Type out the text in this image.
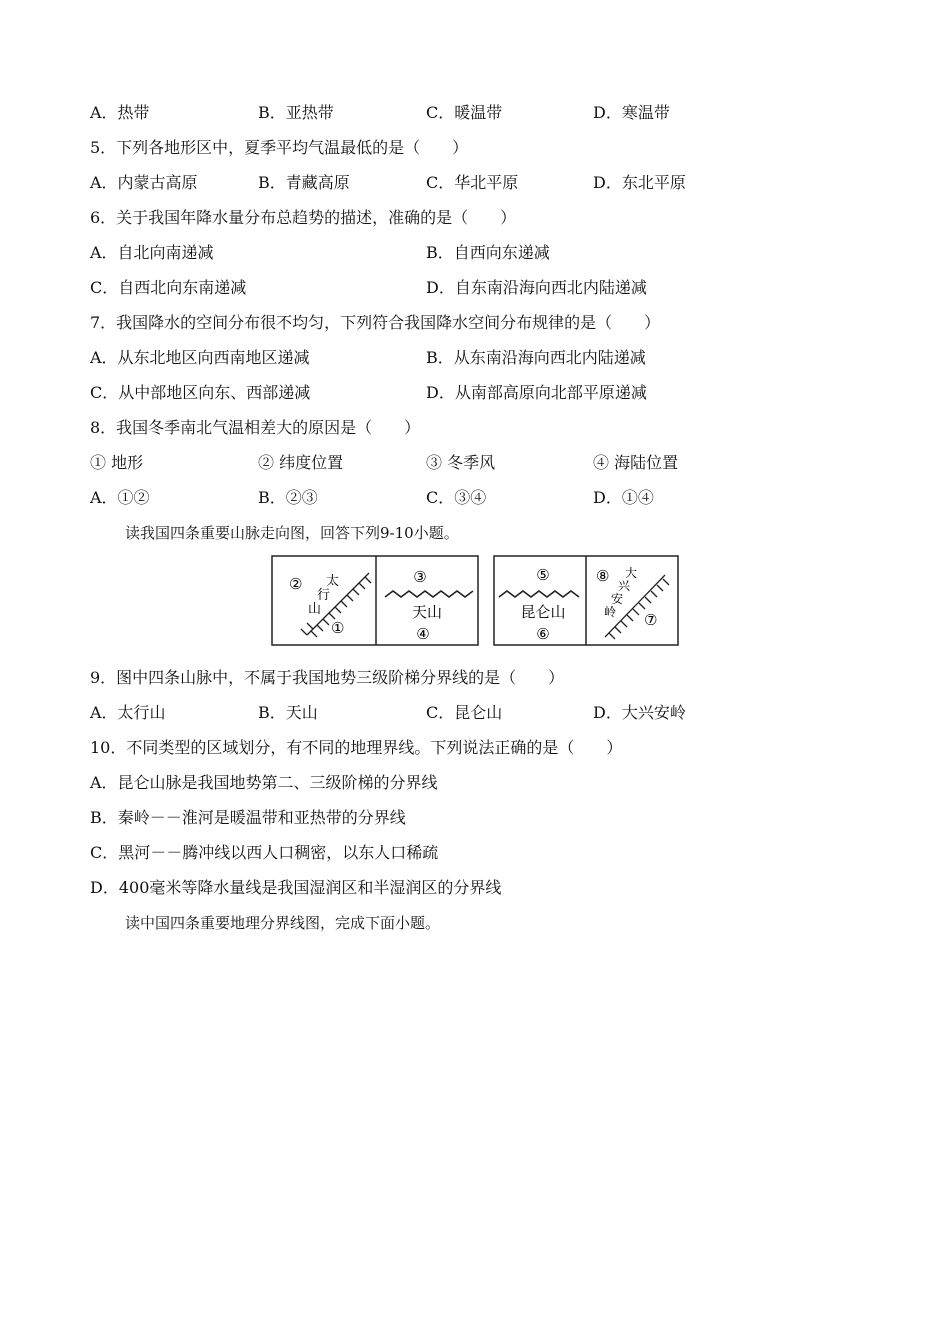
A．热带	B．亚热带	C．暖温带	D．寒温带
5．下列各地形区中，夏季平均气温最低的是（　　）
A．内蒙古高原	B．青藏高原	C．华北平原	D．东北平原
6．关于我国年降水量分布总趋势的描述，准确的是（　　）
A．自北向南递减	B．自西向东递减
C．自西北向东南递减	D．自东南沿海向西北内陆递减
7．我国降水的空间分布很不均匀，下列符合我国降水空间分布规律的是（　　）
A．从东北地区向西南地区递减	B．从东南沿海向西北内陆递减
C．从中部地区向东、西部递减	D．从南部高原向北部平原递减
8．我国冬季南北气温相差大的原因是（　　）
① 地形	② 纬度位置	③ 冬季风	④ 海陆位置
A．①②	B．②③	C．③④	D．①④
读我国四条重要山脉走向图，回答下列9-10小题。
②
①
太
行
山
③
天山
④
⑤
昆仑山
⑥
⑧
⑦
大
兴
安
岭
9．图中四条山脉中，不属于我国地势三级阶梯分界线的是（　　）
A．太行山	B．天山	C．昆仑山	D．大兴安岭
10．不同类型的区域划分，有不同的地理界线。下列说法正确的是（　　）
A．昆仑山脉是我国地势第二、三级阶梯的分界线
B．秦岭－－淮河是暖温带和亚热带的分界线
C．黑河－－腾冲线以西人口稠密，以东人口稀疏
D．400毫米等降水量线是我国湿润区和半湿润区的分界线
读中国四条重要地理分界线图，完成下面小题。
